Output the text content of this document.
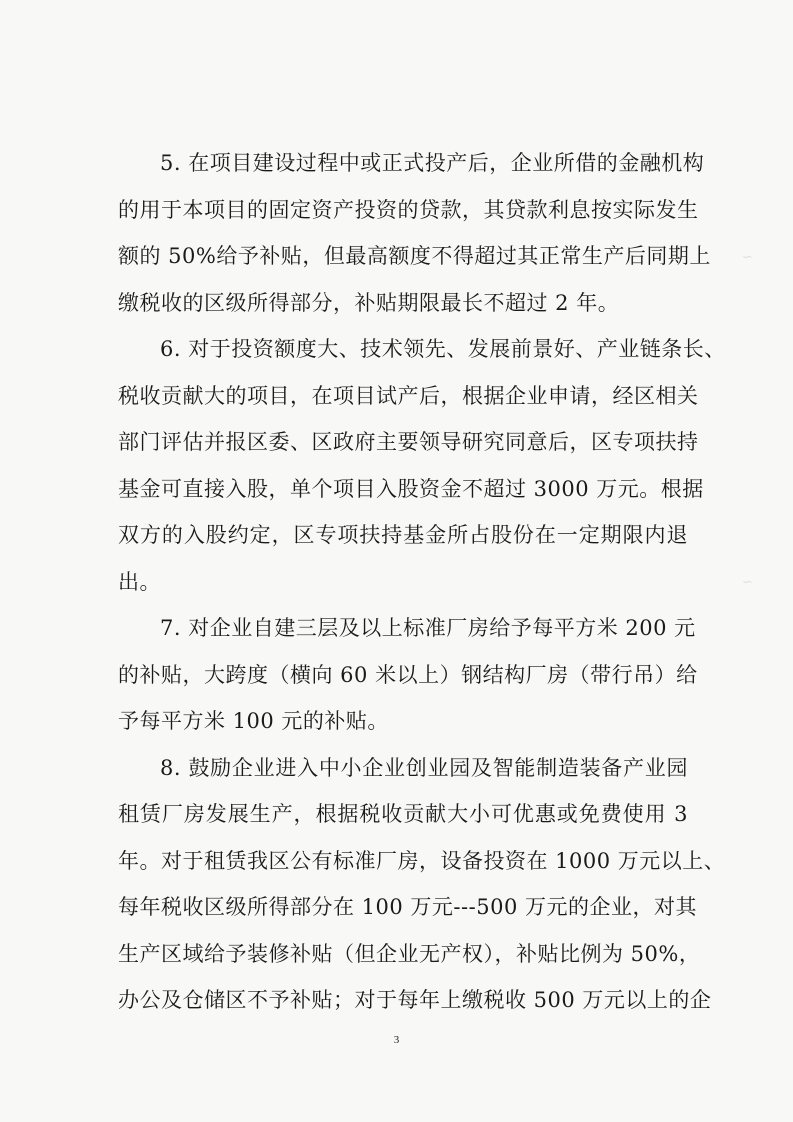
∽
∽
5. 在项目建设过程中或正式投产后，企业所借的金融机构
的用于本项目的固定资产投资的贷款，其贷款利息按实际发生
额的 50%给予补贴，但最高额度不得超过其正常生产后同期上
缴税收的区级所得部分，补贴期限最长不超过 2 年。
6. 对于投资额度大、技术领先、发展前景好、产业链条长、
税收贡献大的项目，在项目试产后，根据企业申请，经区相关
部门评估并报区委、区政府主要领导研究同意后，区专项扶持
基金可直接入股，单个项目入股资金不超过 3000 万元。根据
双方的入股约定，区专项扶持基金所占股份在一定期限内退
出。
7. 对企业自建三层及以上标准厂房给予每平方米 200 元
的补贴，大跨度（横向 60 米以上）钢结构厂房（带行吊）给
予每平方米 100 元的补贴。
8. 鼓励企业进入中小企业创业园及智能制造装备产业园
租赁厂房发展生产，根据税收贡献大小可优惠或免费使用 3
年。对于租赁我区公有标准厂房，设备投资在 1000 万元以上、
每年税收区级所得部分在 100 万元---500 万元的企业，对其
生产区域给予装修补贴（但企业无产权），补贴比例为 50%，
办公及仓储区不予补贴；对于每年上缴税收 500 万元以上的企
3
